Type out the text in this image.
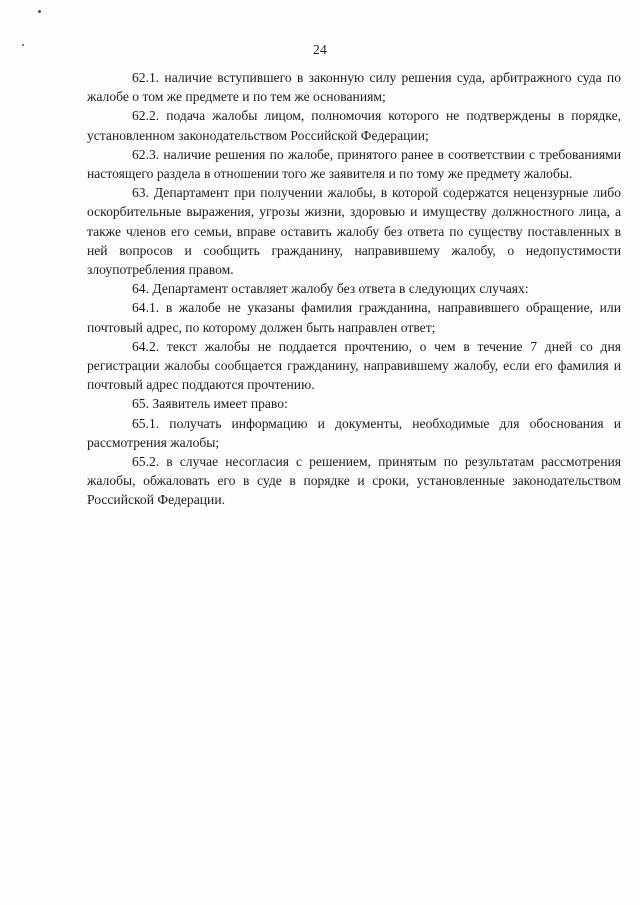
24

62.1. наличие вступившего в законную силу решения суда, арбитражного суда по жалобе о том же предмете и по тем же основаниям;

62.2. подача жалобы лицом, полномочия которого не подтверждены в порядке, установленном законодательством Российской Федерации;

62.3. наличие решения по жалобе, принятого ранее в соответствии с требованиями настоящего раздела в отношении того же заявителя и по тому же предмету жалобы.

63. Департамент при получении жалобы, в которой содержатся нецензурные либо оскорбительные выражения, угрозы жизни, здоровью и имуществу должностного лица, а также членов его семьи, вправе оставить жалобу без ответа по существу поставленных в ней вопросов и сообщить гражданину, направившему жалобу, о недопустимости злоупотребления правом.

64. Департамент оставляет жалобу без ответа в следующих случаях:

64.1. в жалобе не указаны фамилия гражданина, направившего обращение, или почтовый адрес, по которому должен быть направлен ответ;

64.2. текст жалобы не поддается прочтению, о чем в течение 7 дней со дня регистрации жалобы сообщается гражданину, направившему жалобу, если его фамилия и почтовый адрес поддаются прочтению.

65. Заявитель имеет право:

65.1. получать информацию и документы, необходимые для обоснования и рассмотрения жалобы;

65.2. в случае несогласия с решением, принятым по результатам рассмотрения жалобы, обжаловать его в суде в порядке и сроки, установленные законодательством Российской Федерации.
